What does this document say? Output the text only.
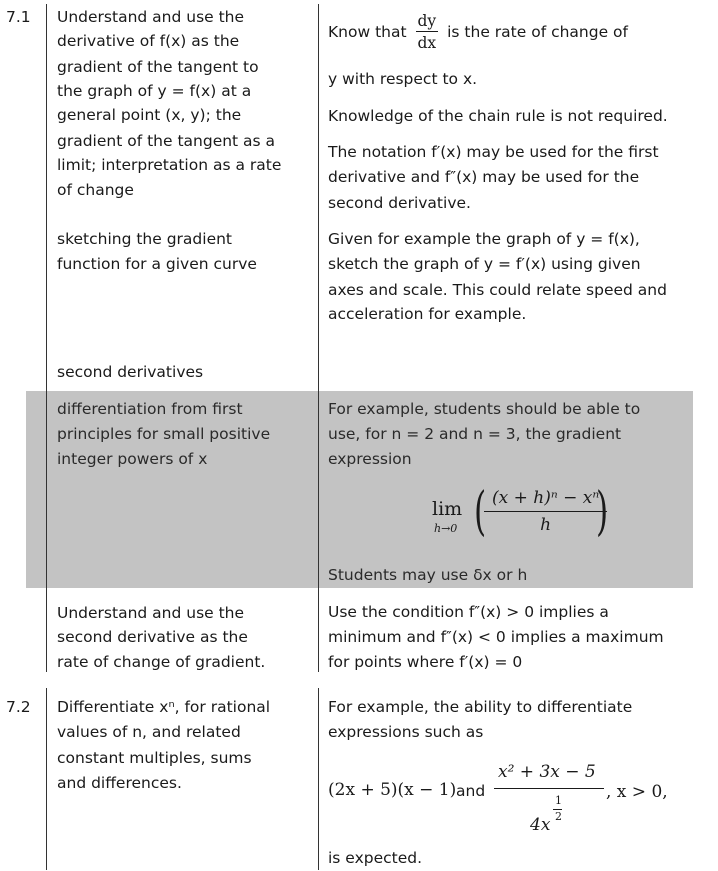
7.1
7.2
Understand and use the
derivative of f(x) as the
gradient of the tangent to
the graph of y = f(x) at a
general point (x, y); the
gradient of the tangent as a
limit; interpretation as a rate
of change
Know that $\frac{dy}{dx}$ is the rate of change of
y with respect to x.
Knowledge of the chain rule is not required.
The notation f′(x) may be used for the first
derivative and f″(x) may be used for the
second derivative.
sketching the gradient
function for a given curve
Given for example the graph of y = f(x),
sketch the graph of y = f′(x) using given
axes and scale. This could relate speed and
acceleration for example.
second derivatives
differentiation from first
principles for small positive
integer powers of x
For example, students should be able to
use, for n = 2 and n = 3, the gradient
expression
lim
h→0 (
$\frac{\text{(x + h)ⁿ − xⁿ}}{h}$
)
Students may use δx or h
Understand and use the
second derivative as the
rate of change of gradient.
Use the condition f″(x) > 0 implies a
minimum and f″(x) < 0 implies a maximum
for points where f′(x) = 0
Differentiate xⁿ, for rational
values of n, and related
constant multiples, sums
and differences.
For example, the ability to differentiate
expressions such as
(2x + 5)(x − 1) and
x² + 3x − 5
4x
1
2
, x > 0,
is expected.
